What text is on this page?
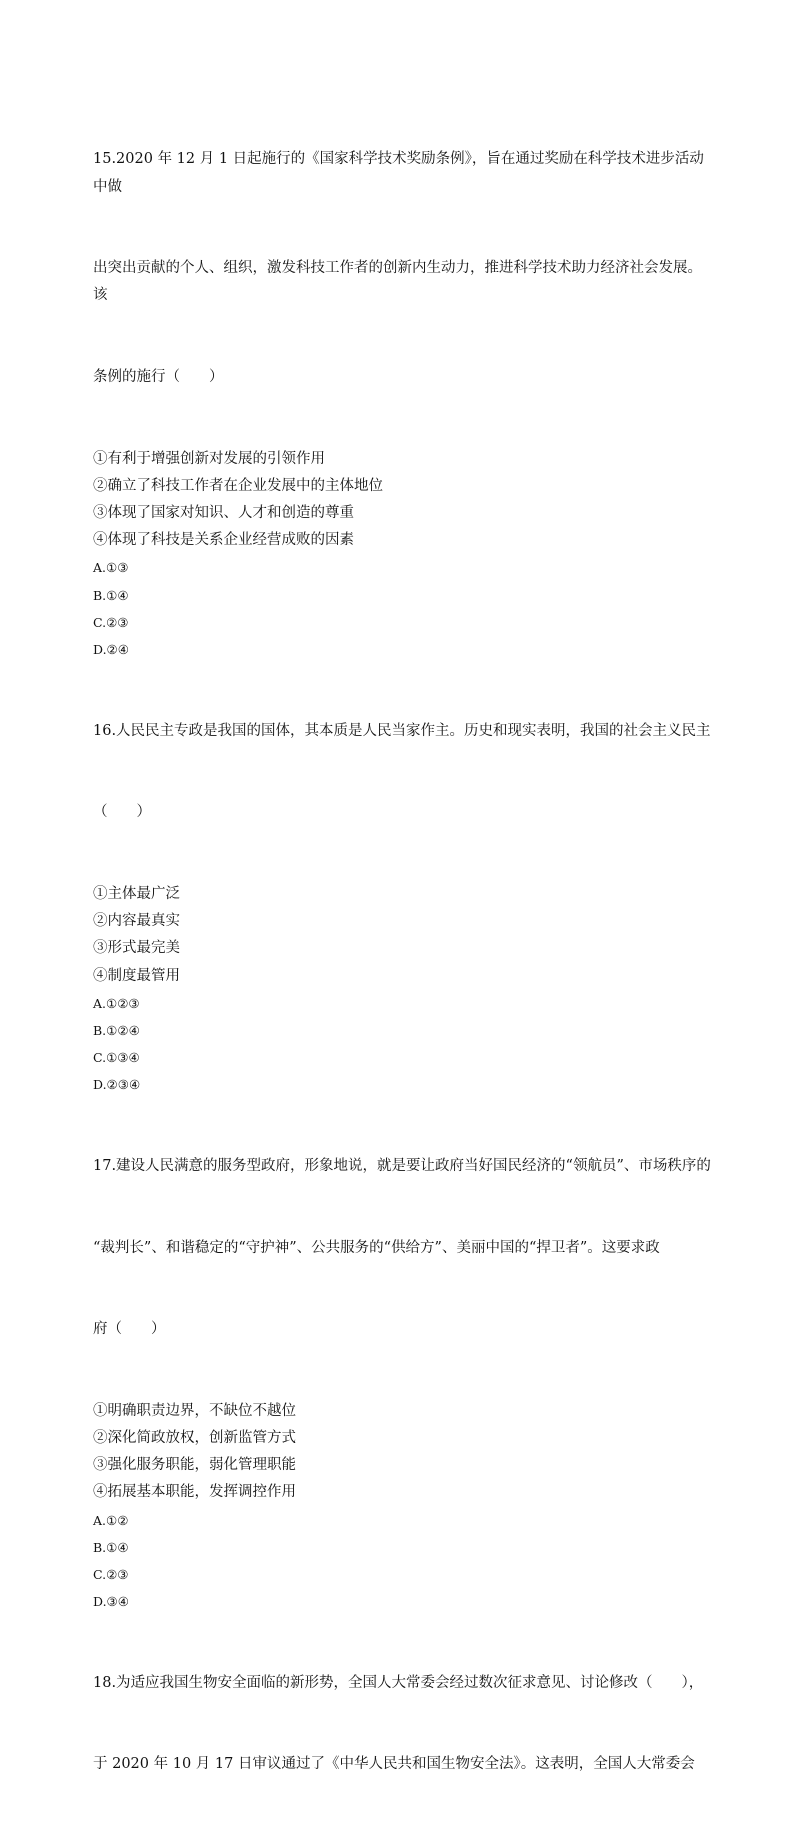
15.2020 年 12 月 1 日起施行的《国家科学技术奖励条例》，旨在通过奖励在科学技术进步活动中做

出突出贡献的个人、组织，激发科技工作者的创新内生动力，推进科学技术助力经济社会发展。该

条例的施行（　　）

①有利于增强创新对发展的引领作用
②确立了科技工作者在企业发展中的主体地位
③体现了国家对知识、人才和创造的尊重
④体现了科技是关系企业经营成败的因素
A.①③
B.①④
C.②③
D.②④

16.人民民主专政是我国的国体，其本质是人民当家作主。历史和现实表明，我国的社会主义民主

（　　）

①主体最广泛
②内容最真实
③形式最完美
④制度最管用
A.①②③
B.①②④
C.①③④
D.②③④

17.建设人民满意的服务型政府，形象地说，就是要让政府当好国民经济的“领航员”、市场秩序的

“裁判长”、和谐稳定的“守护神”、公共服务的“供给方”、美丽中国的“捍卫者”。这要求政

府（　　）

①明确职责边界，不缺位不越位
②深化简政放权，创新监管方式
③强化服务职能，弱化管理职能
④拓展基本职能，发挥调控作用
A.①②
B.①④
C.②③
D.③④

18.为适应我国生物安全面临的新形势，全国人大常委会经过数次征求意见、讨论修改（　　），

于 2020 年 10 月 17 日审议通过了《中华人民共和国生物安全法》。这表明，全国人大常委会
